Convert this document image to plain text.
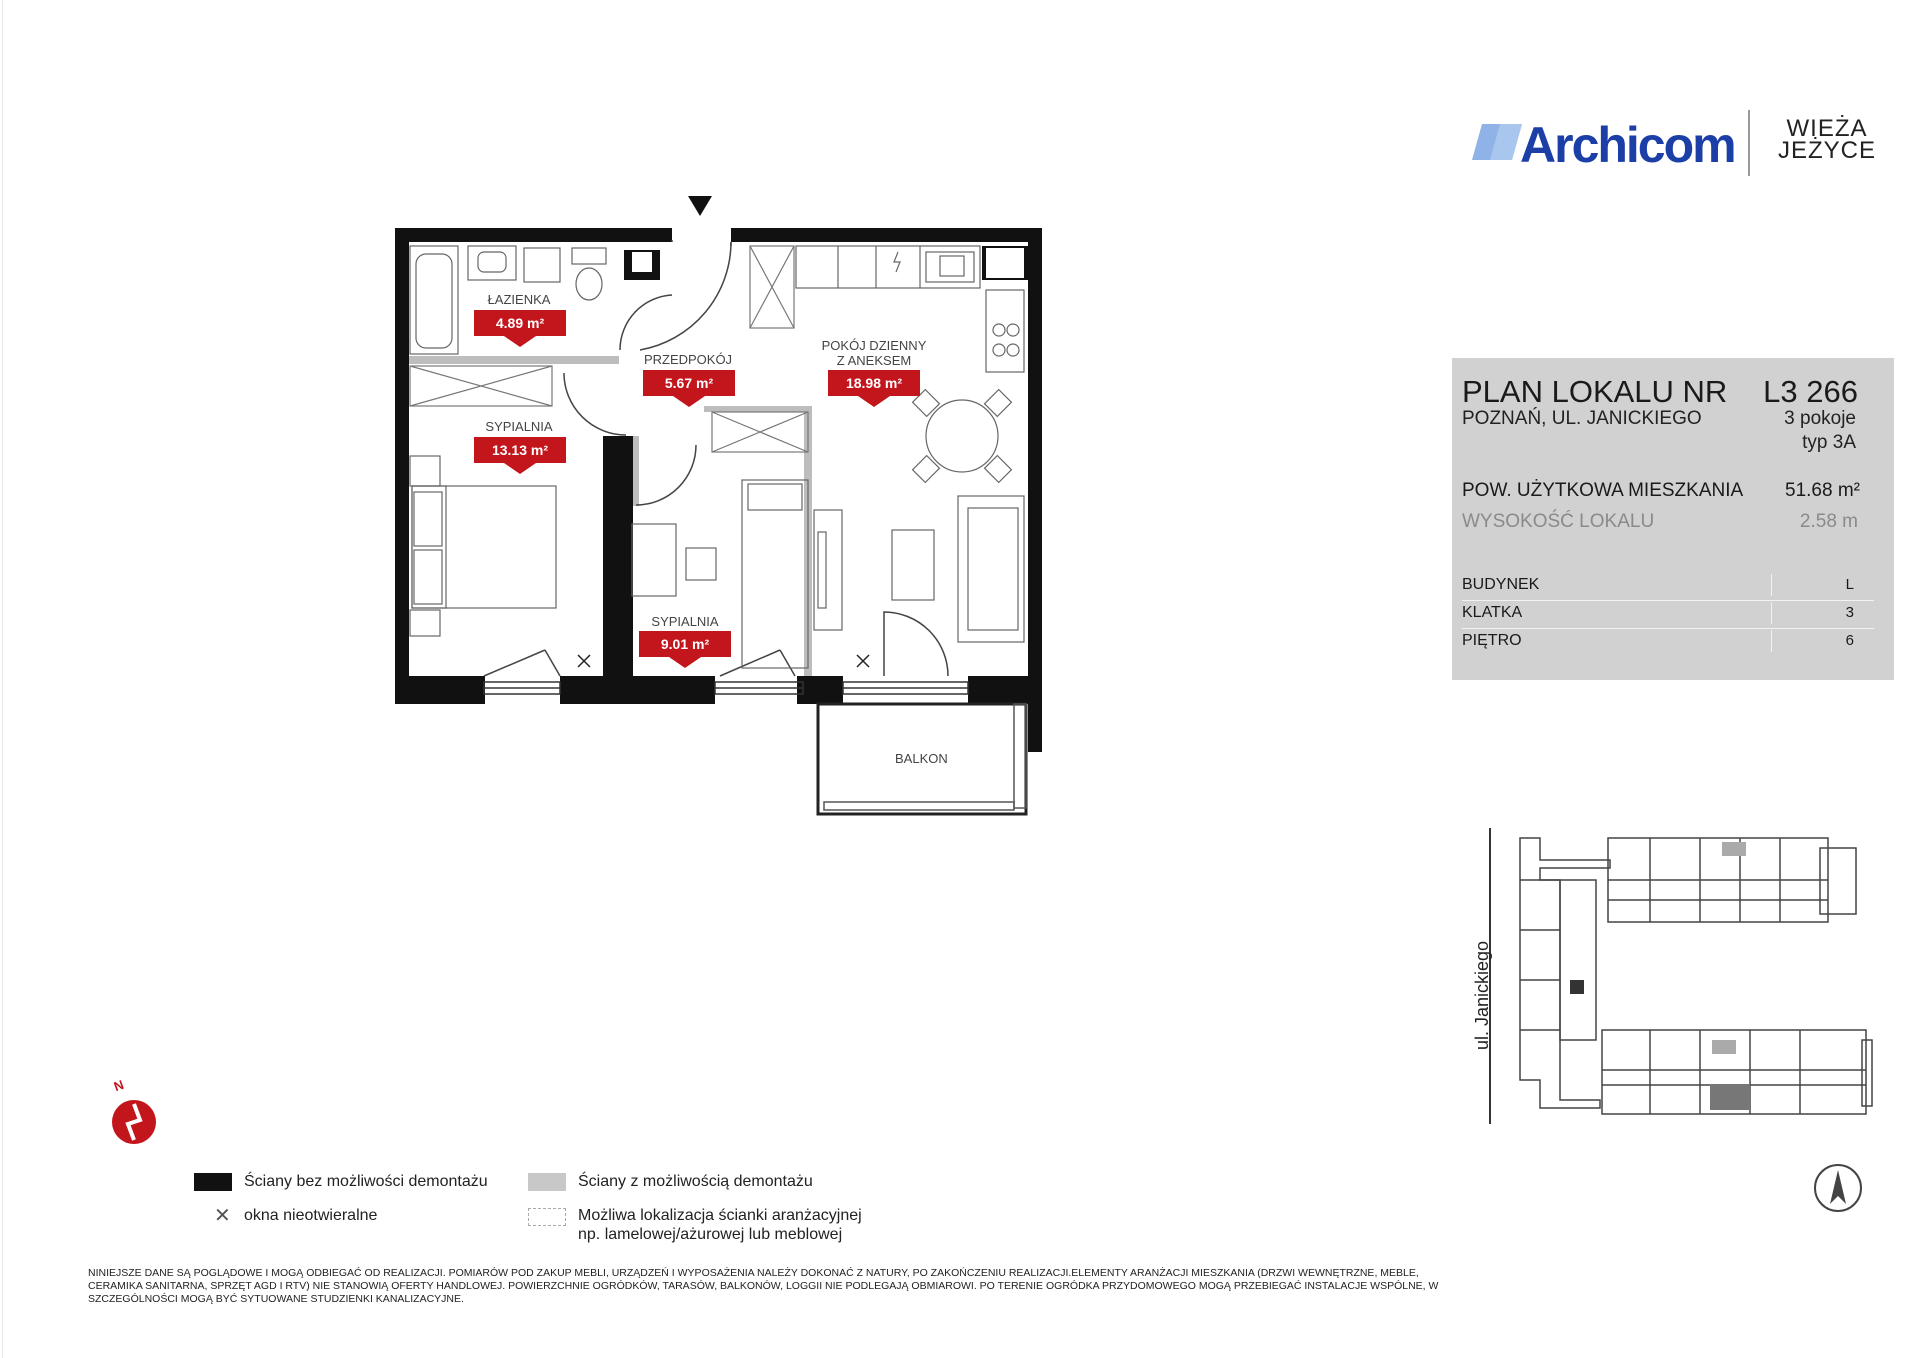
Archicom	WIEŻA
JEŻYCE
PLAN LOKALU NR L3 266
POZNAŃ, UL. JANICKIEGO	3 pokoje
typ 3A
POW. UŻYTKOWA MIESZKANIA 51.68 m²
WYSOKOŚĆ LOKALU	2.58 m
BUDYNEK	L
KLATKA	3
PIĘTRO	6
ŁAZIENKA
4.89 m²
PRZEDPOKÓJ
5.67 m²
POKÓJ DZIENNY
Z ANEKSEM
18.98 m²
SYPIALNIA
13.13 m²
SYPIALNIA
9.01 m²
BALKON
N
ul. Janickiego
Ściany bez możliwości demontażu	Ściany z możliwością demontażu
✕ okna nieotwieralne	Możliwa lokalizacja ścianki aranżacyjnej
np. lamelowej/ażurowej lub meblowej
NINIEJSZE DANE SĄ POGLĄDOWE I MOGĄ ODBIEGAĆ OD REALIZACJI. POMIARÓW POD ZAKUP MEBLI, URZĄDZEŃ I WYPOSAŻENIA NALEŻY DOKONAĆ Z NATURY, PO ZAKOŃCZENIU REALIZACJI.ELEMENTY ARANŻACJI MIESZKANIA (DRZWI WEWNĘTRZNE, MEBLE, CERAMIKA SANITARNA, SPRZĘT AGD I RTV) NIE STANOWIĄ OFERTY HANDLOWEJ. POWIERZCHNIE OGRÓDKÓW, TARASÓW, BALKONÓW, LOGGII NIE PODLEGAJĄ OBMIAROWI. PO TERENIE OGRÓDKA PRZYDOMOWEGO MOGĄ PRZEBIEGAĆ INSTALACJE WSPÓLNE, W SZCZEGÓLNOŚCI MOGĄ BYĆ SYTUOWANE STUDZIENKI KANALIZACYJNE.
